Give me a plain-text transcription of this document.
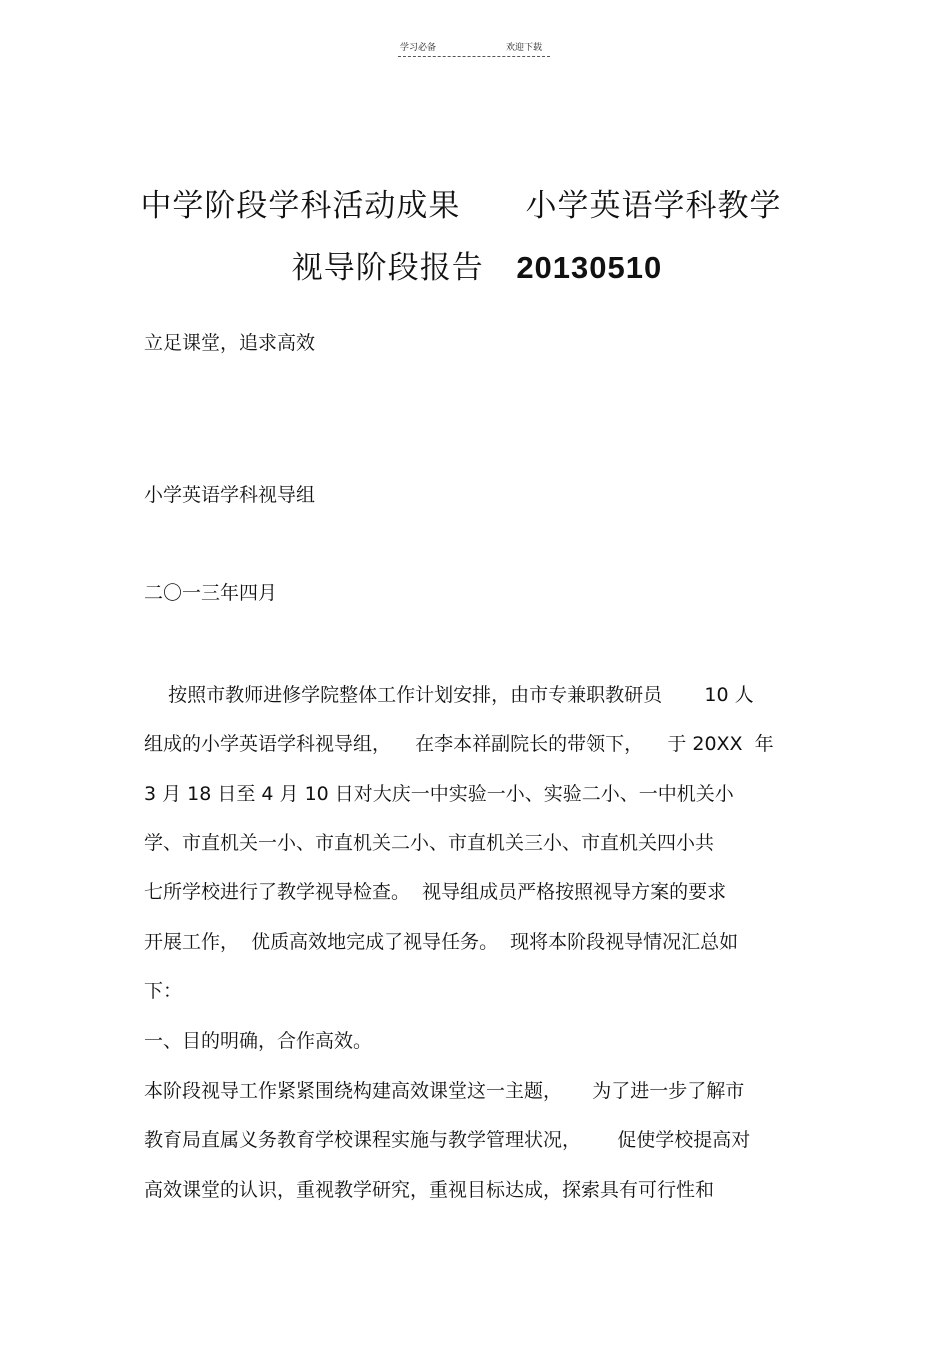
学习必备	欢迎下载
中学阶段学科活动成果      小学英语学科教学
视导阶段报告   20130510
立足课堂，追求高效
小学英语学科视导组
二〇一三年四月
按照市教师进修学院整体工作计划安排，由市专兼职教研员       10 人
组成的小学英语学科视导组，    在李本祥副院长的带领下，    于 20XX  年
3 月 18 日至 4 月 10 日对大庆一中实验一小、实验二小、一中机关小
学、市直机关一小、市直机关二小、市直机关三小、市直机关四小共
七所学校进行了教学视导检查。  视导组成员严格按照视导方案的要求
开展工作，  优质高效地完成了视导任务。  现将本阶段视导情况汇总如
下：
一、目的明确，合作高效。
本阶段视导工作紧紧围绕构建高效课堂这一主题，     为了进一步了解市
教育局直属义务教育学校课程实施与教学管理状况，      促使学校提高对
高效课堂的认识，重视教学研究，重视目标达成，探索具有可行性和
